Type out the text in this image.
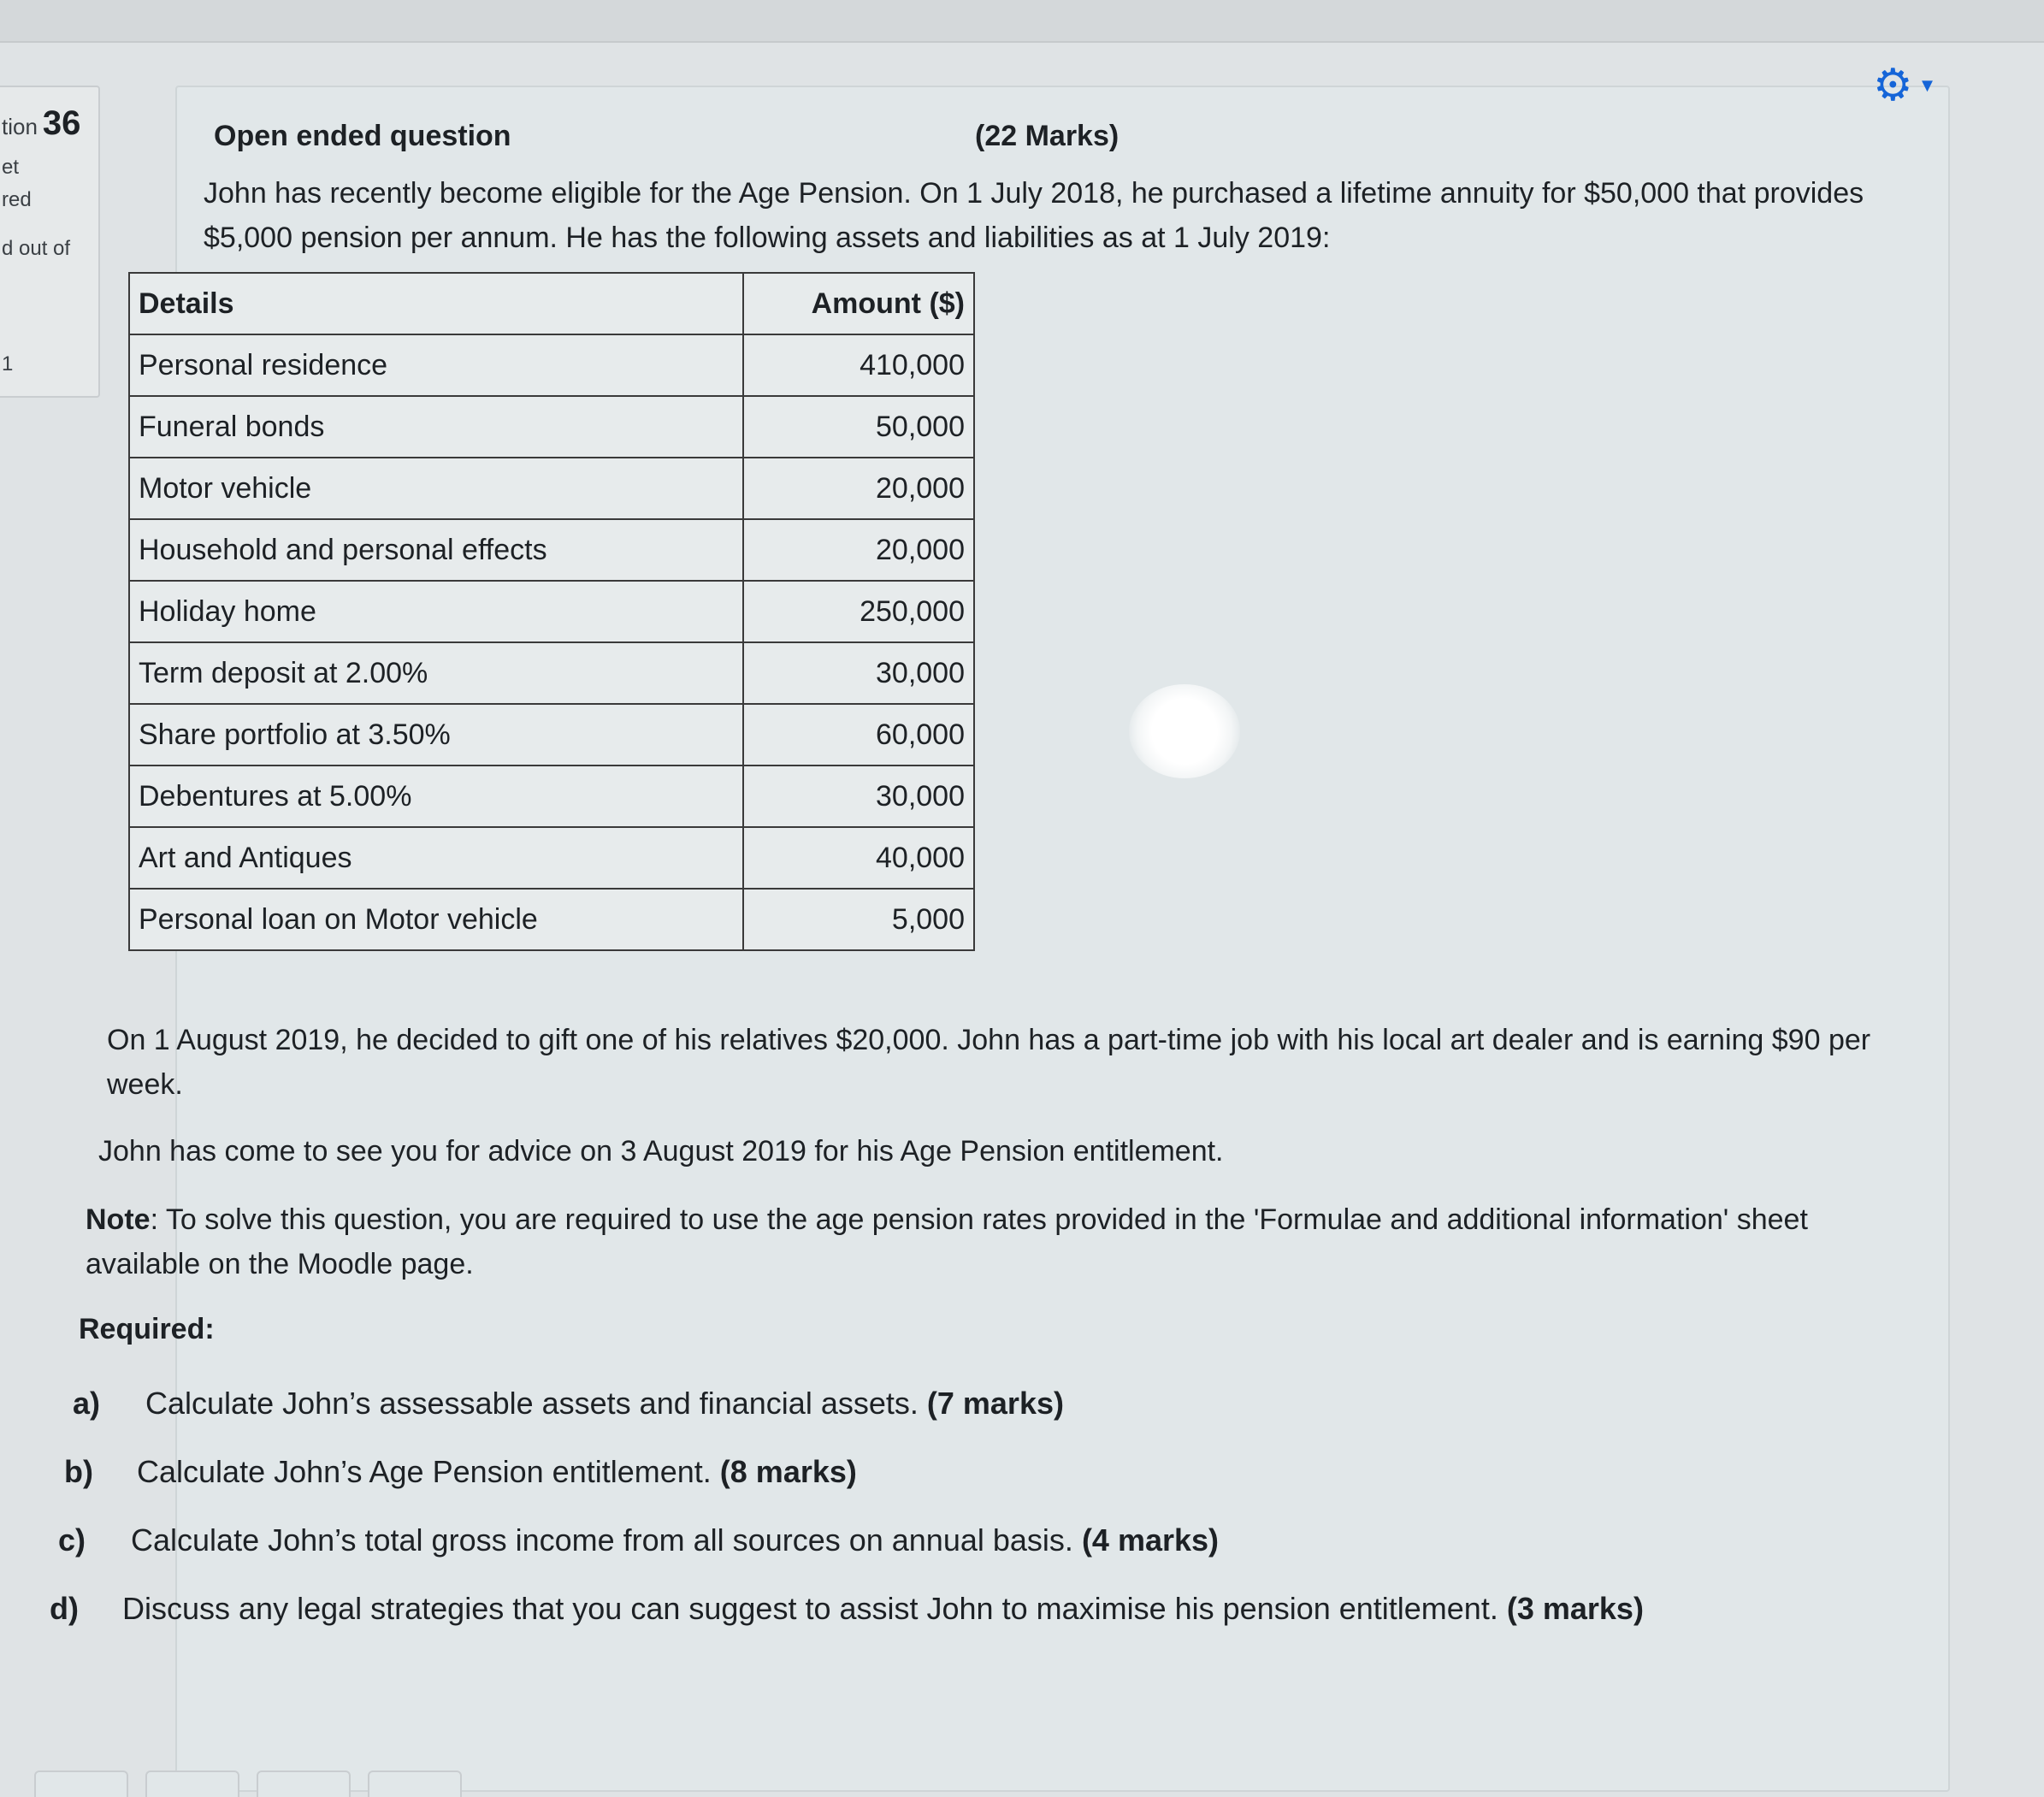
tion 36
et
red
d out of
1
⚙ ▼
Open ended question	(22 Marks)
John has recently become eligible for the Age Pension. On 1 July 2018, he purchased a lifetime annuity for $50,000 that provides $5,000 pension per annum. He has the following assets and liabilities as at 1 July 2019:
Details	Amount ($)
Personal residence	410,000
Funeral bonds	50,000
Motor vehicle	20,000
Household and personal effects	20,000
Holiday home	250,000
Term deposit at 2.00%	30,000
Share portfolio at 3.50%	60,000
Debentures at 5.00%	30,000
Art and Antiques	40,000
Personal loan on Motor vehicle	5,000
On 1 August 2019, he decided to gift one of his relatives $20,000. John has a part-time job with his local art dealer and is earning $90 per week.
John has come to see you for advice on 3 August 2019 for his Age Pension entitlement.
Note: To solve this question, you are required to use the age pension rates provided in the 'Formulae and additional information' sheet available on the Moodle page.
Required:
a) Calculate John’s assessable assets and financial assets. (7 marks)
b) Calculate John’s Age Pension entitlement. (8 marks)
c) Calculate John’s total gross income from all sources on annual basis. (4 marks)
d) Discuss any legal strategies that you can suggest to assist John to maximise his pension entitlement. (3 marks)
